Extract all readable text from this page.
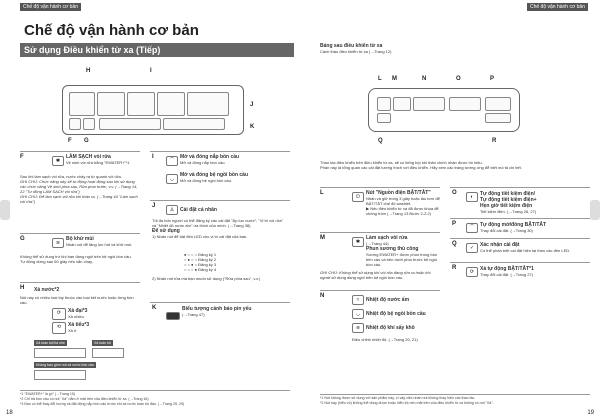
Chế độ vận hành cơ bản
Chế độ vận hành cơ bản
Sử dụng Điều khiển từ xa (Tiếp)
H	I
J
K
F G
F
✱
LÀM SẠCH vòi rửa
Vệ sinh vòi rửa bằng "EWATER+"*1
Sau khi làm sạch vòi rửa, nước chảy ra từ quanh vòi rửa.
GHI CHÚ: Chức năng này sẽ tự động hoạt động sau khi sử dụng các chức năng Vệ sinh phía sau, Rửa phía trước, v.v. (→Trang 14, 22 "Tự động LÀM SẠCH vòi rửa")
GHI CHÚ: Để làm sạch vòi rửa khi tháo ra, (→Trang 44 "Làm sạch vòi rửa")
G
≋
Bộ khử mùi
Nhấn nút để tăng lực hút và khử mùi.
Không thể sử dụng trừ khi bạn đang ngồi trên bệ ngồi bồn cầu.
Tự động dừng sau 60 giây nếu vẫn chạy.
H Xả nước*2
Nút này có nhiều loại tùy thuộc vào loại két nước hoặc từng bồn cầu.
⟳	Xả đại*3
Xả nhiều
⟲	Xả tiểu*3
Xả ít
Xả toàn bộ/Xả nhẹ	Xả toàn bộ
Không bao gồm nút xả nước bồn cầu
I
⌒
Mở và đóng nắp bồn cầu
Mở và đóng nắp bồn cầu.
◡
Mở và đóng bệ ngồi bồn cầu
Mở và đóng bệ ngồi bồn cầu.
J
♙	Cài đặt cá nhân
Tối đa bốn người có thể đăng ký các cài đặt "Áp lực nước", "Vị trí vòi rửa" và "Nhiệt độ nước ấm" ưa thích của mình. (→Trang 38)
Để sử dụng
1) Nhấn nút để bật đèn LED cho vị trí cài đặt của bạn.
● ○ ○ ○ Đăng ký 1
○ ● ○ ○ Đăng ký 2
○ ○ ● ○ Đăng ký 3
○ ○ ○ ● Đăng ký 4
2) Nhấn nút rửa mà bạn muốn sử dụng ("Rửa phía sau", v.v.)
K	Biểu tượng cảnh báo pin yếu
(→Trang 47)
*1 "EWATER+" là gì? (→Trang 15)
*2 Chỉ trả bồn cầu có nút "Xả" nằm ở mặt trên của điều khiển từ xa. (→Trang 16)
*3 Bạn có thể thay đổi lượng xả đặt động nắp bồn cầu trước khi xả nước toàn bộ đầu. (→Trang 25, 29)
18
Chế độ vận hành cơ bản
Bảng sau điều khiển từ xa
Cách tháo điều khiển từ xa (→Trang 12)
L M	N	O	P
Q	R
Thao tác điều khiển trên điều khiển từ xa, sẽ có tiếng bíp khi thân chính nhận được tín hiệu.
Phần này là tổng quan các cài đặt tương thích với điều khiển. Hãy xem các trang tương ứng để biết mô tả chi tiết.
L
⏻
Nút "Nguồn điện BẬT/TẮT"
Nhấn và giữ trong 3 giây hoặc lâu hơn để BẬT/TẮT chế độ washlet.
▶ Nếu điều khiển từ xa đã được khóa để chống trộm (→Trang 13 Bước 2-2.2)
M
✱
Làm sạch vòi rửa
(→Trang 44)
Phun sương thủ công
Sương EWATER+ được phun trong bồn bên cầu và bên dưới phía trước bệ ngồi bồn cầu.
GHI CHÚ: Không thể sử dụng khi vòi rửa đang rửa ra hoặc khi người sử dụng đang ngồi trên bệ ngồi bồn cầu.
N
≈	Nhiệt độ nước ấm
◡	Nhiệt độ bệ ngồi bồn cầu
≋	Nhiệt độ khí sấy khô
Điều chỉnh nhiệt độ. (→Trang 20, 21)
O
◐	Tự động tiết kiệm điện/
Tự động tiết kiệm điện+
Hẹn giờ tiết kiệm điện
Tiết kiệm điện. (→Trang 26, 27)
P
⌒	Tự động mở/đóng BẬT/TẮT
Thay đổi cài đặt. (→Trang 30)
Q
✓	Xác nhận cài đặt
Có thể phản biệt cài đặt hiện tại theo các đèn LED.
R
⟳	Xả tự động BẬT/TẮT*1
Thay đổi cài đặt. (→Trang 27)
*1 Nút không được sử dụng với sản phẩm này, vì vậy việc nhấn nút không thay hiện các thao tác.
*2 Nút này (hiểu vô) không thể dùng được hoặc hiển thị nếu mặt trên của điều khiển từ xa không có nút "Xả".
19
